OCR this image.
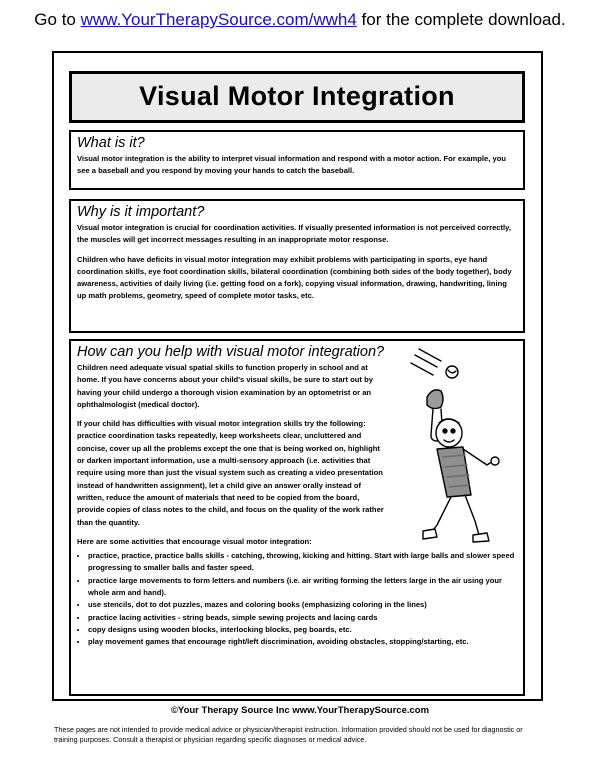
Go to www.YourTherapySource.com/wwh4 for the complete download.
Visual Motor Integration
What is it?

Visual motor integration is the ability to interpret visual information and respond with a motor action. For example, you see a baseball and you respond by moving your hands to catch the baseball.

Why is it important?

Visual motor integration is crucial for coordination activities. If visually presented information is not perceived correctly, the muscles will get incorrect messages resulting in an inappropriate motor response.

Children who have deficits in visual motor integration may exhibit problems with participating in sports, eye hand coordination skills, eye foot coordination skills, bilateral coordination (combining both sides of the body together), body awareness, activities of daily living (i.e. getting food on a fork), copying visual information, drawing, handwriting, lining up math problems, geometry, speed of complete motor tasks, etc.

How can you help with visual motor integration?

Children need adequate visual spatial skills to function properly in school and at home. If you have concerns about your child's visual skills, be sure to start out by having your child undergo a thorough vision examination by an optometrist or an ophthalmologist (medical doctor).

If your child has difficulties with visual motor integration skills try the following: practice coordination tasks repeatedly, keep worksheets clear, uncluttered and concise, cover up all the problems except the one that is being worked on, highlight or darken important information, use a multi-sensory approach (i.e. activities that require using more than just the visual system such as creating a video presentation instead of handwritten assignment), let a child give an answer orally instead of written, reduce the amount of materials that need to be copied from the board, provide copies of class notes to the child, and focus on the quality of the work rather than the quantity.

Here are some activities that encourage visual motor integration:

• practice, practice, practice balls skills - catching, throwing, kicking and hitting. Start with large balls and slower speed progressing to smaller balls and faster speed.
• practice large movements to form letters and numbers (i.e. air writing forming the letters large in the air using your whole arm and hand).
• use stencils, dot to dot puzzles, mazes and coloring books (emphasizing coloring in the lines)
• practice lacing activities - string beads, simple sewing projects and lacing cards
• copy designs using wooden blocks, interlocking blocks, peg boards, etc.
• play movement games that encourage right/left discrimination, avoiding obstacles, stopping/starting, etc.
©Your Therapy Source Inc www.YourTherapySource.com
These pages are not intended to provide medical advice or physician/therapist instruction. Information provided should not be used for diagnostic or training purposes. Consult a therapist or physician regarding specific diagnoses or medical advice.
